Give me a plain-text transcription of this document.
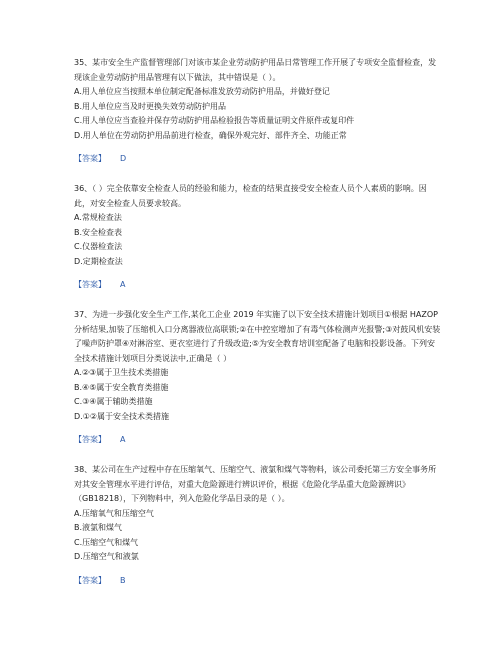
35、某市安全生产监督管理部门对该市某企业劳动防护用品日常管理工作开展了专项安全监督检查，发现该企业劳动防护用品管理有以下做法，其中错误是（ ）。

A.用人单位应当按照本单位制定配备标准发放劳动防护用品，并做好登记

B.用人单位应当及时更换失效劳动防护用品

C.用人单位应当查验并保存劳动防护用品检验报告等质量证明文件原件或复印件

D.用人单位在劳动防护用品前进行检查，确保外观完好、部件齐全、功能正常

【答案】 D

36、（ ）完全依靠安全检查人员的经验和能力，检查的结果直接受安全检查人员个人素质的影响。因此，对安全检查人员要求较高。

A.常规检查法

B.安全检查表

C.仪器检查法

D.定期检查法

【答案】 A

37、为进一步强化安全生产工作,某化工企业 2019 年实施了以下安全技术措施计划项目①根据 HAZOP 分析结果,加装了压缩机入口分离器液位高联锁;②在中控室增加了有毒气体检测声光报警;③对鼓风机安装了噪声防护罩④对淋浴室、更衣室进行了升级改造;⑤为安全教育培训室配备了电脑和投影设备。下列安全技术措施计划项目分类说法中,正确是（ ）

A.②③属于卫生技术类措施

B.④⑤属于安全教育类措施

C.③④属于辅助类措施

D.①②属于安全技术类措施

【答案】 A

38、某公司在生产过程中存在压缩氧气、压缩空气、液氯和煤气等物料，该公司委托第三方安全事务所对其安全管理水平进行评估，对重大危险源进行辨识评价，根据《危险化学品重大危险源辨识》（GB18218），下列物料中，列入危险化学品目录的是（ ）。

A.压缩氧气和压缩空气

B.液氯和煤气

C.压缩空气和煤气

D.压缩空气和液氯

【答案】 B
